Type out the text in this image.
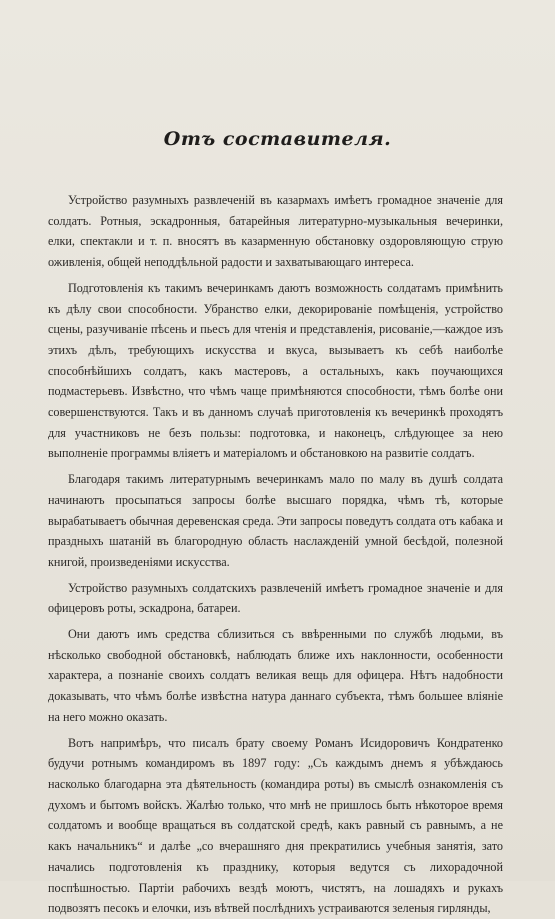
Отъ составителя.

Устройство разумныхъ развлеченій въ казармахъ имѣетъ громадное значеніе для солдатъ. Ротныя, эскадронныя, батарейныя литературно-музыкальныя вечеринки, елки, спектакли и т. п. вносятъ въ казарменную обстановку оздоровляющую струю оживленія, общей неподдѣльной радости и захватывающаго интереса.

Подготовленія къ такимъ вечеринкамъ даютъ возможность солдатамъ примѣнить къ дѣлу свои способности. Убранство елки, декорированіе помѣщенія, устройство сцены, разучиваніе пѣсень и пьесъ для чтенія и представленія, рисованіе,—каждое изъ этихъ дѣлъ, требующихъ искусства и вкуса, вызываетъ къ себѣ наиболѣе способнѣйшихъ солдатъ, какъ мастеровъ, а остальныхъ, какъ поучающихся подмастерьевъ. Извѣстно, что чѣмъ чаще примѣняются способности, тѣмъ болѣе они совершенствуются. Такъ и въ данномъ случаѣ приготовленія къ вечеринкѣ проходятъ для участниковъ не безъ пользы: подготовка, и наконецъ, слѣдующее за нею выполненіе программы вліяетъ и матеріаломъ и обстановкою на развитіе солдатъ.

Благодаря такимъ литературнымъ вечеринкамъ мало по малу въ душѣ солдата начинаютъ просыпаться запросы болѣе высшаго порядка, чѣмъ тѣ, которые вырабатываетъ обычная деревенская среда. Эти запросы поведутъ солдата отъ кабака и праздныхъ шатаній въ благородную область наслажденій умной бесѣдой, полезной книгой, произведеніями искусства.

Устройство разумныхъ солдатскихъ развлеченій имѣетъ громадное значеніе и для офицеровъ роты, эскадрона, батареи.

Они даютъ имъ средства сблизиться съ ввѣренными по службѣ людьми, въ нѣсколько свободной обстановкѣ, наблюдать ближе ихъ наклонности, особенности характера, а познаніе своихъ солдатъ великая вещь для офицера. Нѣтъ надобности доказывать, что чѣмъ болѣе извѣстна натура даннаго субъекта, тѣмъ большее вліяніе на него можно оказать.

Вотъ напримѣръ, что писалъ брату своему Романъ Исидоровичъ Кондратенко будучи ротнымъ командиромъ въ 1897 году: „Съ каждымъ днемъ я убѣждаюсь насколько благодарна эта дѣятельность (командира роты) въ смыслѣ ознакомленія съ духомъ и бытомъ войскъ. Жалѣю только, что мнѣ не пришлось быть нѣкоторое время солдатомъ и вообще вращаться въ солдатской средѣ, какъ равный съ равнымъ, а не какъ начальникъ“ и далѣе „со вчерашняго дня прекратились учебныя занятія, зато начались подготовленія къ празднику, которыя ведутся съ лихорадочной поспѣшностью. Партіи рабочихъ вездѣ моютъ, чистятъ, на лошадяхъ и рукахъ подвозятъ песокъ и елочки, изъ вѣтвей послѣднихъ устраиваются зеленыя гирлянды,
